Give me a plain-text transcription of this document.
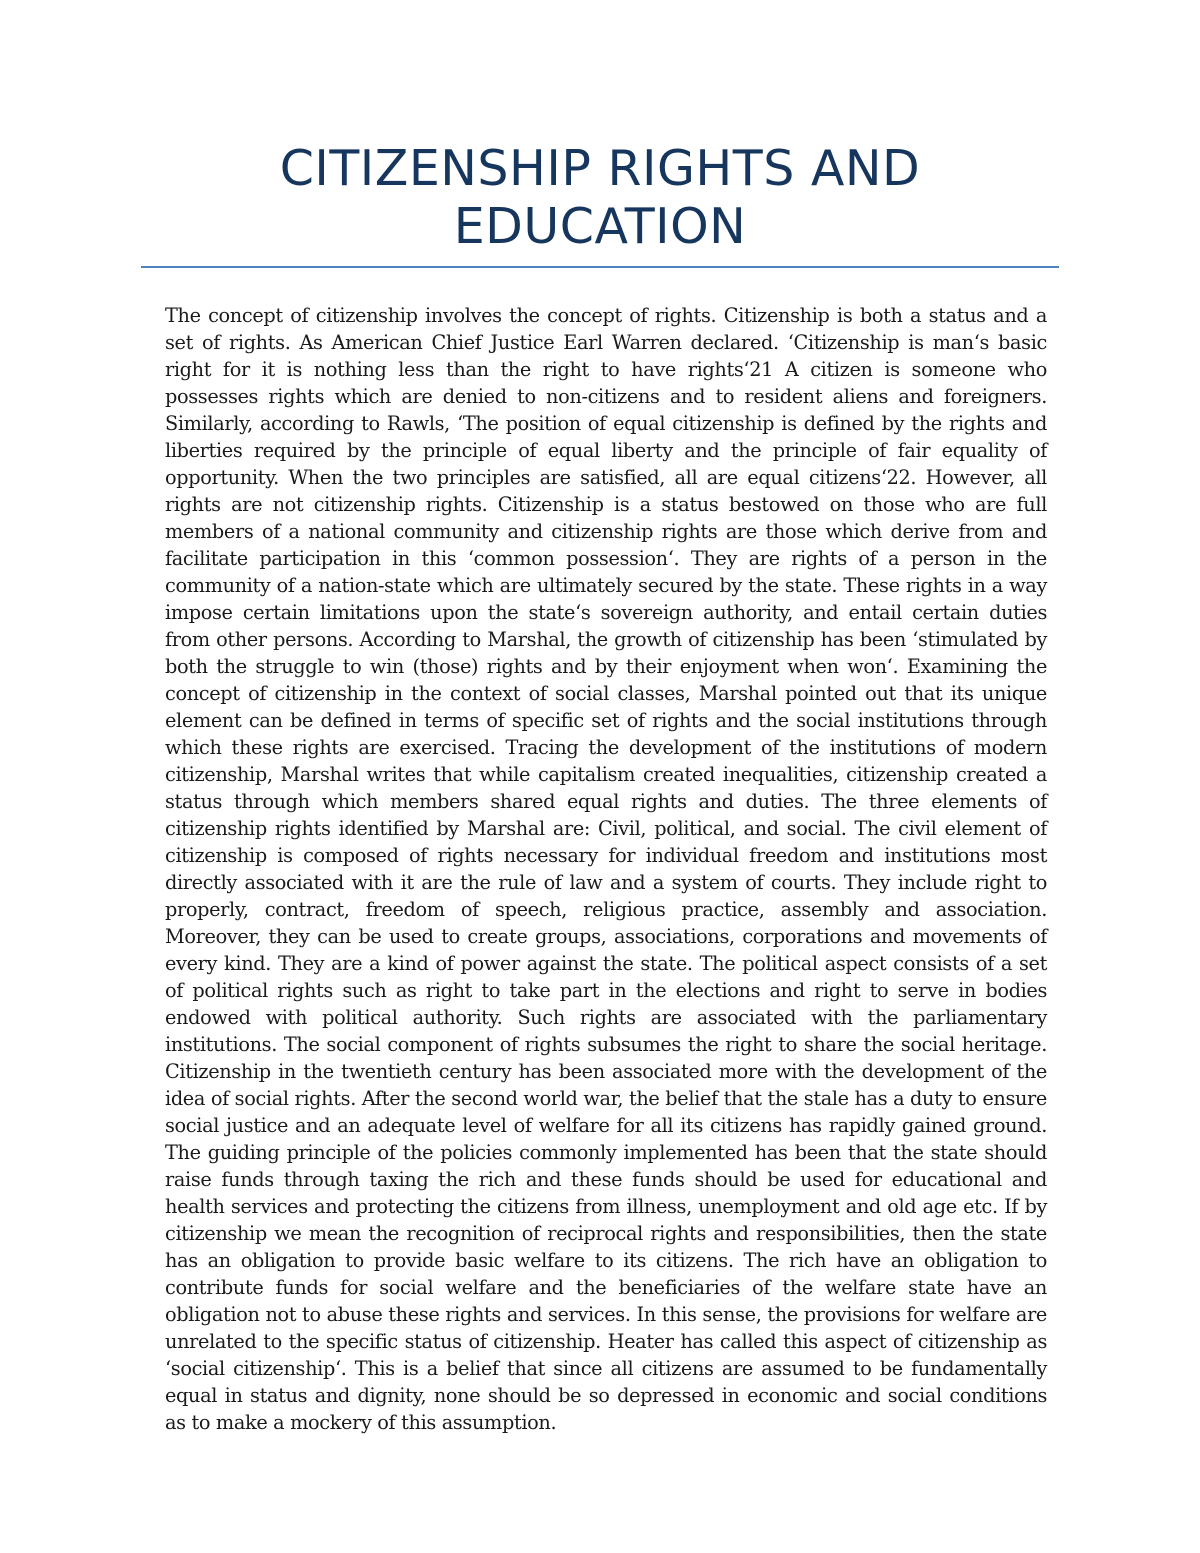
CITIZENSHIP RIGHTS AND
EDUCATION

The concept of citizenship involves the concept of rights. Citizenship is both a status and a set of rights. As American Chief Justice Earl Warren declared. ‘Citizenship is man‘s basic right for it is nothing less than the right to have rights‘21 A citizen is someone who possesses rights which are denied to non-citizens and to resident aliens and foreigners. Similarly, according to Rawls, ‘The position of equal citizenship is defined by the rights and liberties required by the principle of equal liberty and the principle of fair equality of opportunity. When the two principles are satisfied, all are equal citizens‘22. However, all rights are not citizenship rights. Citizenship is a status bestowed on those who are full members of a national community and citizenship rights are those which derive from and facilitate participation in this ‘common possession‘. They are rights of a person in the community of a nation-state which are ultimately secured by the state. These rights in a way impose certain limitations upon the state‘s sovereign authority, and entail certain duties from other persons. According to Marshal, the growth of citizenship has been ‘stimulated by both the struggle to win (those) rights and by their enjoyment when won‘. Examining the concept of citizenship in the context of social classes, Marshal pointed out that its unique element can be defined in terms of specific set of rights and the social institutions through which these rights are exercised. Tracing the development of the institutions of modern citizenship, Marshal writes that while capitalism created inequalities, citizenship created a status through which members shared equal rights and duties. The three elements of citizenship rights identified by Marshal are: Civil, political, and social. The civil element of citizenship is composed of rights necessary for individual freedom and institutions most directly associated with it are the rule of law and a system of courts. They include right to properly, contract, freedom of speech, religious practice, assembly and association. Moreover, they can be used to create groups, associations, corporations and movements of every kind. They are a kind of power against the state. The political aspect consists of a set of political rights such as right to take part in the elections and right to serve in bodies endowed with political authority. Such rights are associated with the parliamentary institutions. The social component of rights subsumes the right to share the social heritage. Citizenship in the twentieth century has been associated more with the development of the idea of social rights. After the second world war, the belief that the stale has a duty to ensure social justice and an adequate level of welfare for all its citizens has rapidly gained ground. The guiding principle of the policies commonly implemented has been that the state should raise funds through taxing the rich and these funds should be used for educational and health services and protecting the citizens from illness, unemployment and old age etc. If by citizenship we mean the recognition of reciprocal rights and responsibilities, then the state has an obligation to provide basic welfare to its citizens. The rich have an obligation to contribute funds for social welfare and the beneficiaries of the welfare state have an obligation not to abuse these rights and services. In this sense, the provisions for welfare are unrelated to the specific status of citizenship. Heater has called this aspect of citizenship as ‘social citizenship‘. This is a belief that since all citizens are assumed to be fundamentally equal in status and dignity, none should be so depressed in economic and social conditions as to make a mockery of this assumption.
